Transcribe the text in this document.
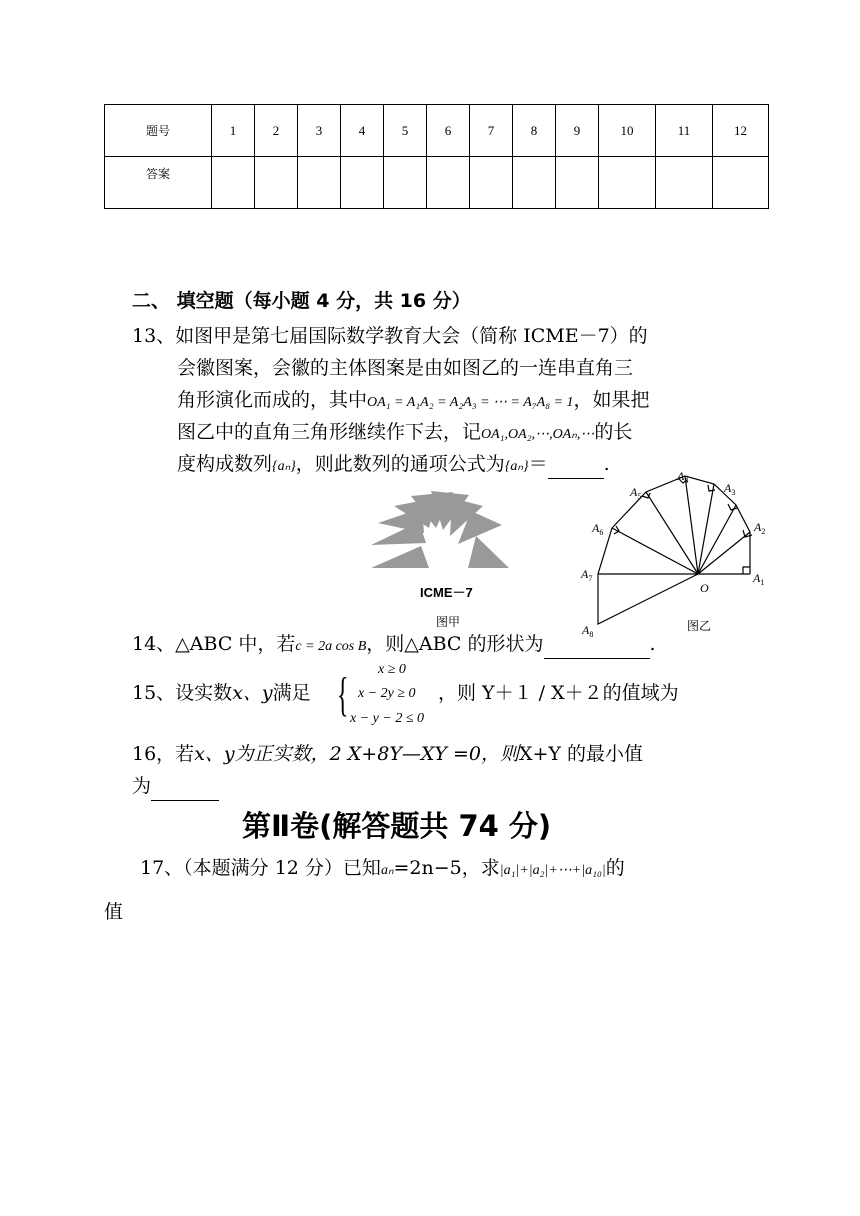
题号	1	2	3	4	5	6	7	8	9	10	11	12
答案												
二、 填空题（每小题 4 分，共 16 分）
13、如图甲是第七届国际数学教育大会（简称 ICME－7）的
会徽图案，会徽的主体图案是由如图乙的一连串直角三
角形演化而成的，其中OA₁ = A₁A₂ = A₂A₃ = ⋯ = A₇A₈ = 1，如果把
图乙中的直角三角形继续作下去，记OA₁,OA₂,⋯,OAₙ,⋯的长
度构成数列{aₙ}，则此数列的通项公式为{aₙ}＝	.
ICME－7
图甲
O
$A_1$
$A_2$
$A_3$
$A_4$
$A_5$
$A_6$
$A_7$
$A_8$
图乙
14、△ABC 中，若c = 2a cos B，则△ABC 的形状为	.
15、设实数x、y满足 { x ≥ 0
x − 2y ≥ 0
x − y − 2 ≤ 0
，则 Y＋１ / X＋２的值域为
16，若x、y为正实数，2 X+8Y—XY =0，则X+Y 的最小值
为
第Ⅱ卷(解答题共 74 分)
17、（本题满分 12 分）已知aₙ=2n−5，求|a₁|+|a₂|+⋯+|a₁₀|的
值
